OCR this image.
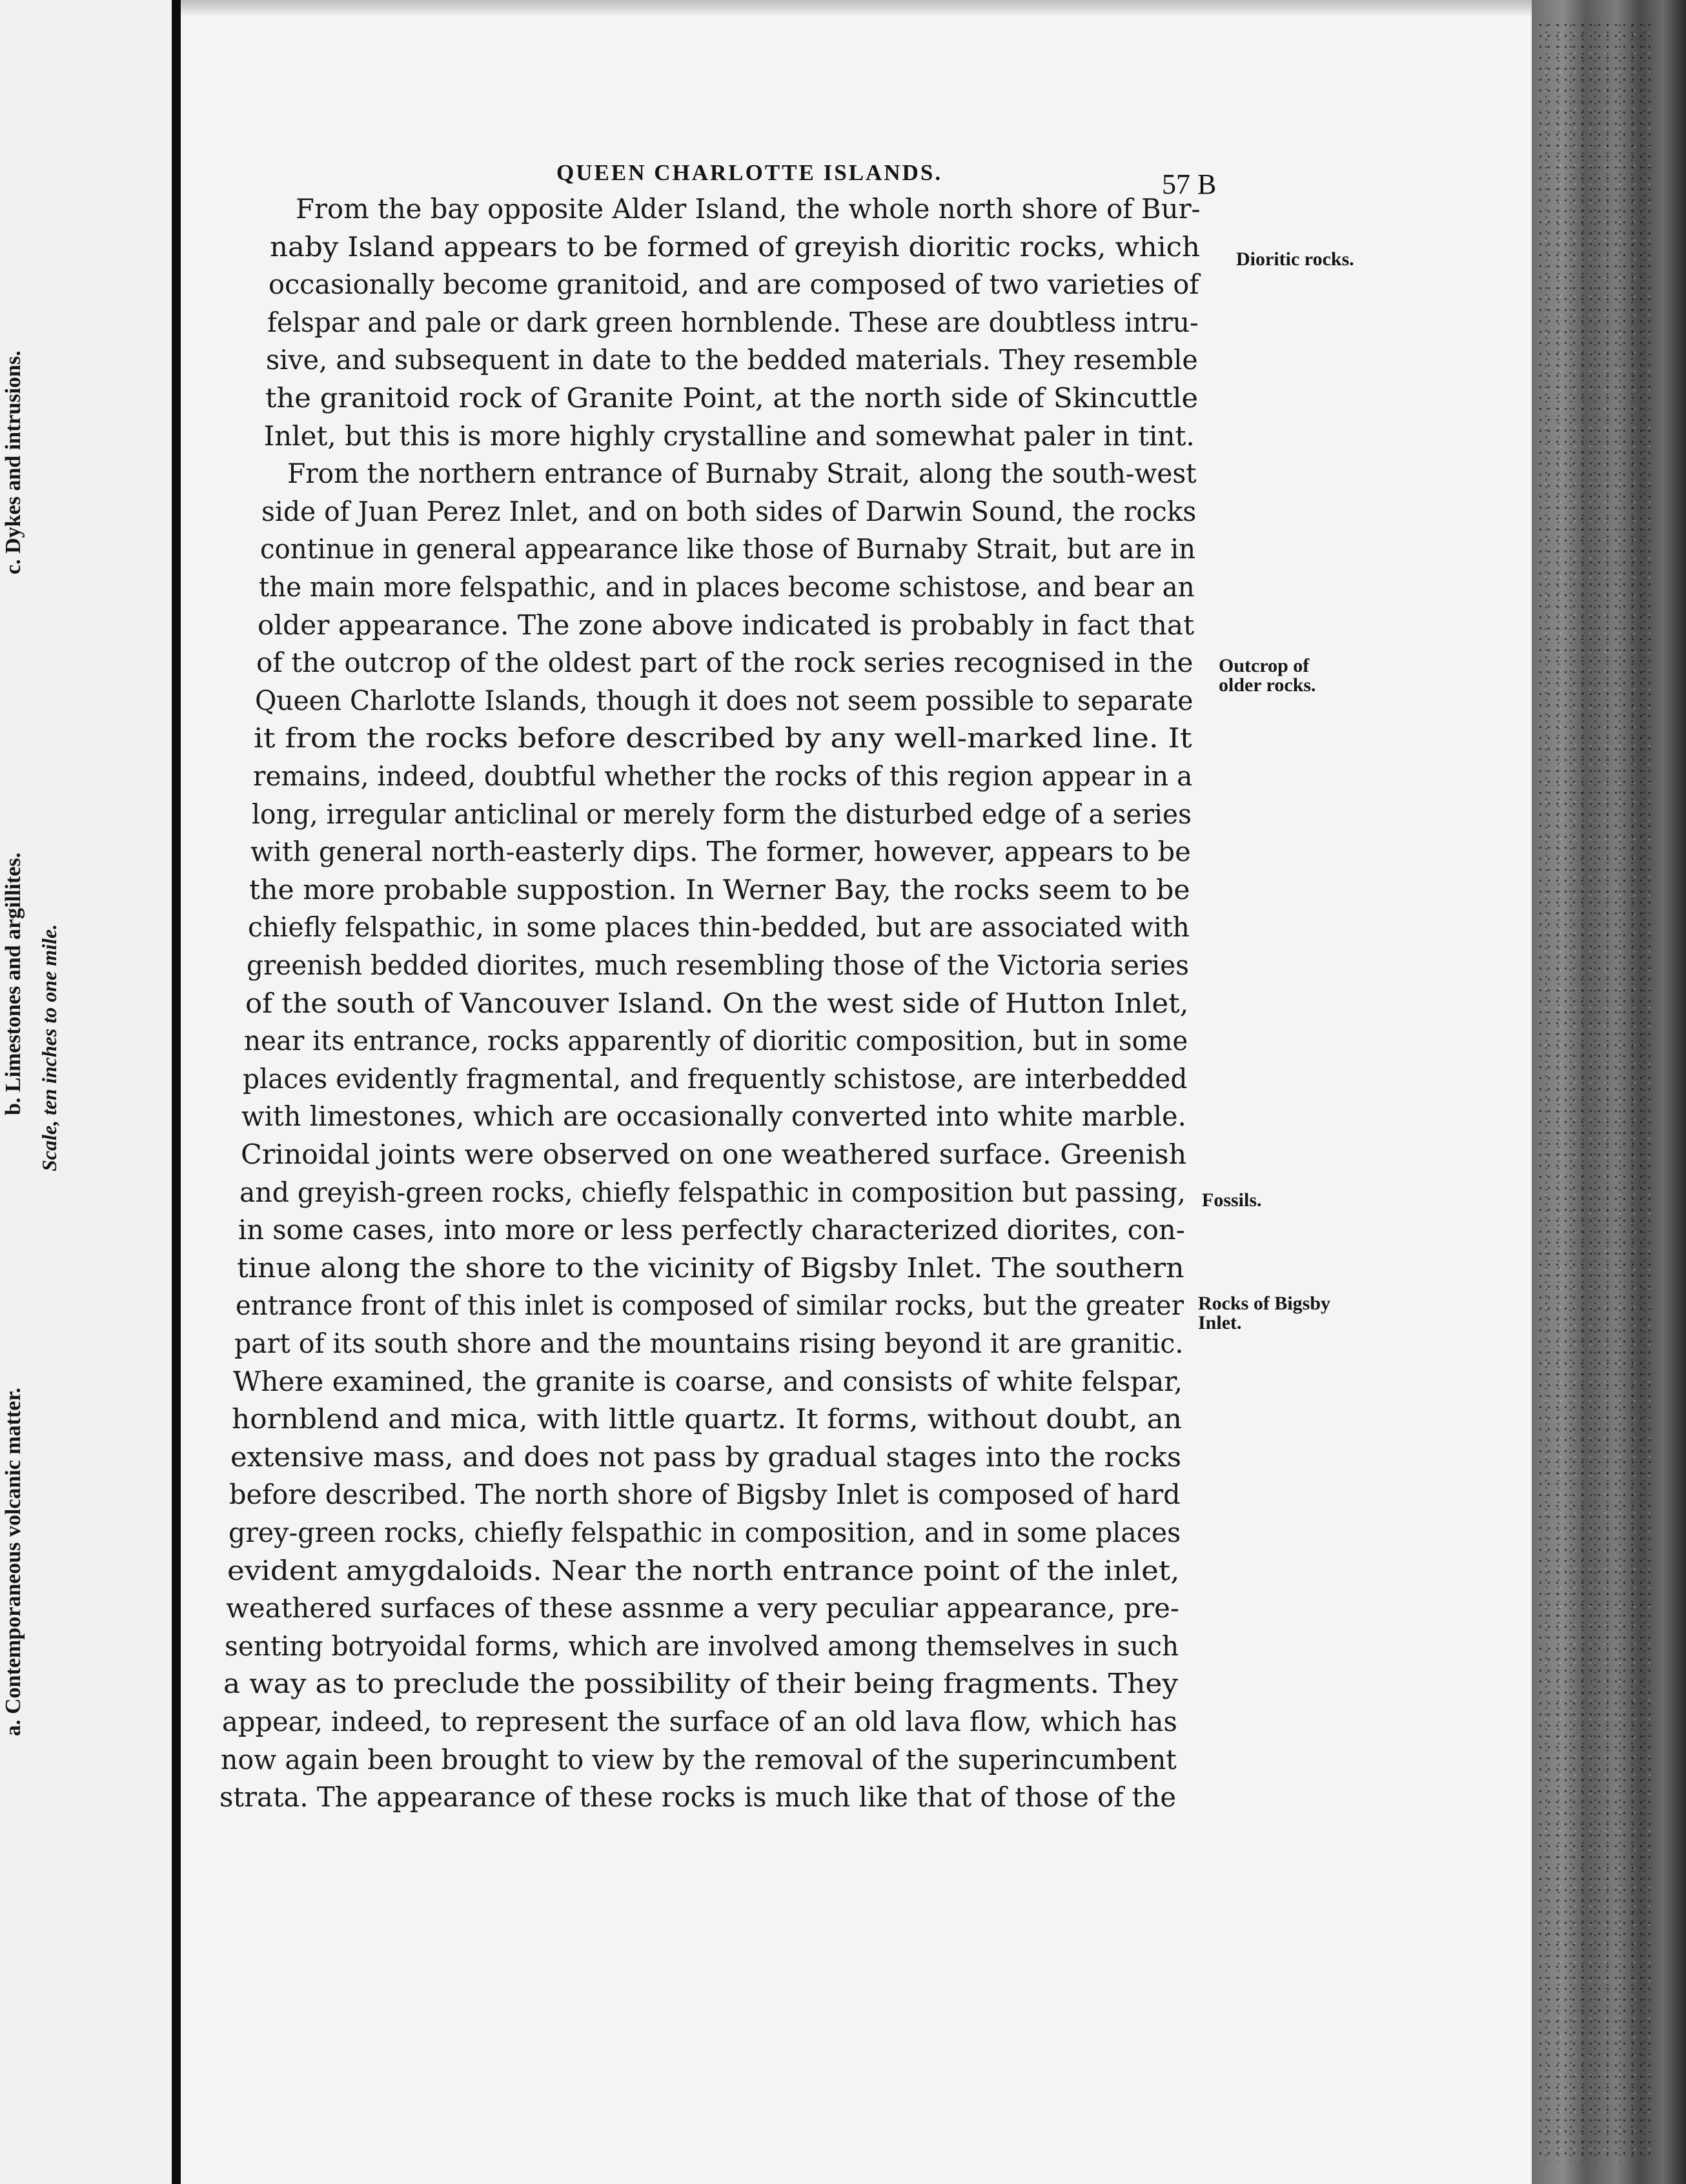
c. Dykes and intrusions.
b. Limestones and argillites. Scale, ten inches to one mile.
a. Contemporaneous volcanic matter.
QUEEN CHARLOTTE ISLANDS.	57 B
From the bay opposite Alder Island, the whole north shore of Bur-
naby Island appears to be formed of greyish dioritic rocks, which
occasionally become granitoid, and are composed of two varieties of
felspar and pale or dark green hornblende. These are doubtless intru-
sive, and subsequent in date to the bedded materials. They resemble
the granitoid rock of Granite Point, at the north side of Skincuttle
Inlet, but this is more highly crystalline and somewhat paler in tint.
From the northern entrance of Burnaby Strait, along the south-west
side of Juan Perez Inlet, and on both sides of Darwin Sound, the rocks
continue in general appearance like those of Burnaby Strait, but are in
the main more felspathic, and in places become schistose, and bear an
older appearance. The zone above indicated is probably in fact that
of the outcrop of the oldest part of the rock series recognised in the
Queen Charlotte Islands, though it does not seem possible to separate
it from the rocks before described by any well-marked line. It
remains, indeed, doubtful whether the rocks of this region appear in a
long, irregular anticlinal or merely form the disturbed edge of a series
with general north-easterly dips. The former, however, appears to be
the more probable suppostion. In Werner Bay, the rocks seem to be
chiefly felspathic, in some places thin-bedded, but are associated with
greenish bedded diorites, much resembling those of the Victoria series
of the south of Vancouver Island. On the west side of Hutton Inlet,
near its entrance, rocks apparently of dioritic composition, but in some
places evidently fragmental, and frequently schistose, are interbedded
with limestones, which are occasionally converted into white marble.
Crinoidal joints were observed on one weathered surface. Greenish
and greyish-green rocks, chiefly felspathic in composition but passing,
in some cases, into more or less perfectly characterized diorites, con-
tinue along the shore to the vicinity of Bigsby Inlet. The southern
entrance front of this inlet is composed of similar rocks, but the greater
part of its south shore and the mountains rising beyond it are granitic.
Where examined, the granite is coarse, and consists of white felspar,
hornblend and mica, with little quartz. It forms, without doubt, an
extensive mass, and does not pass by gradual stages into the rocks
before described. The north shore of Bigsby Inlet is composed of hard
grey-green rocks, chiefly felspathic in composition, and in some places
evident amygdaloids. Near the north entrance point of the inlet,
weathered surfaces of these assnme a very peculiar appearance, pre-
senting botryoidal forms, which are involved among themselves in such
a way as to preclude the possibility of their being fragments. They
appear, indeed, to represent the surface of an old lava flow, which has
now again been brought to view by the removal of the superincumbent
strata. The appearance of these rocks is much like that of those of the
Dioritic rocks.
Outcrop of
older rocks.
Fossils.
Rocks of Bigsby
Inlet.
